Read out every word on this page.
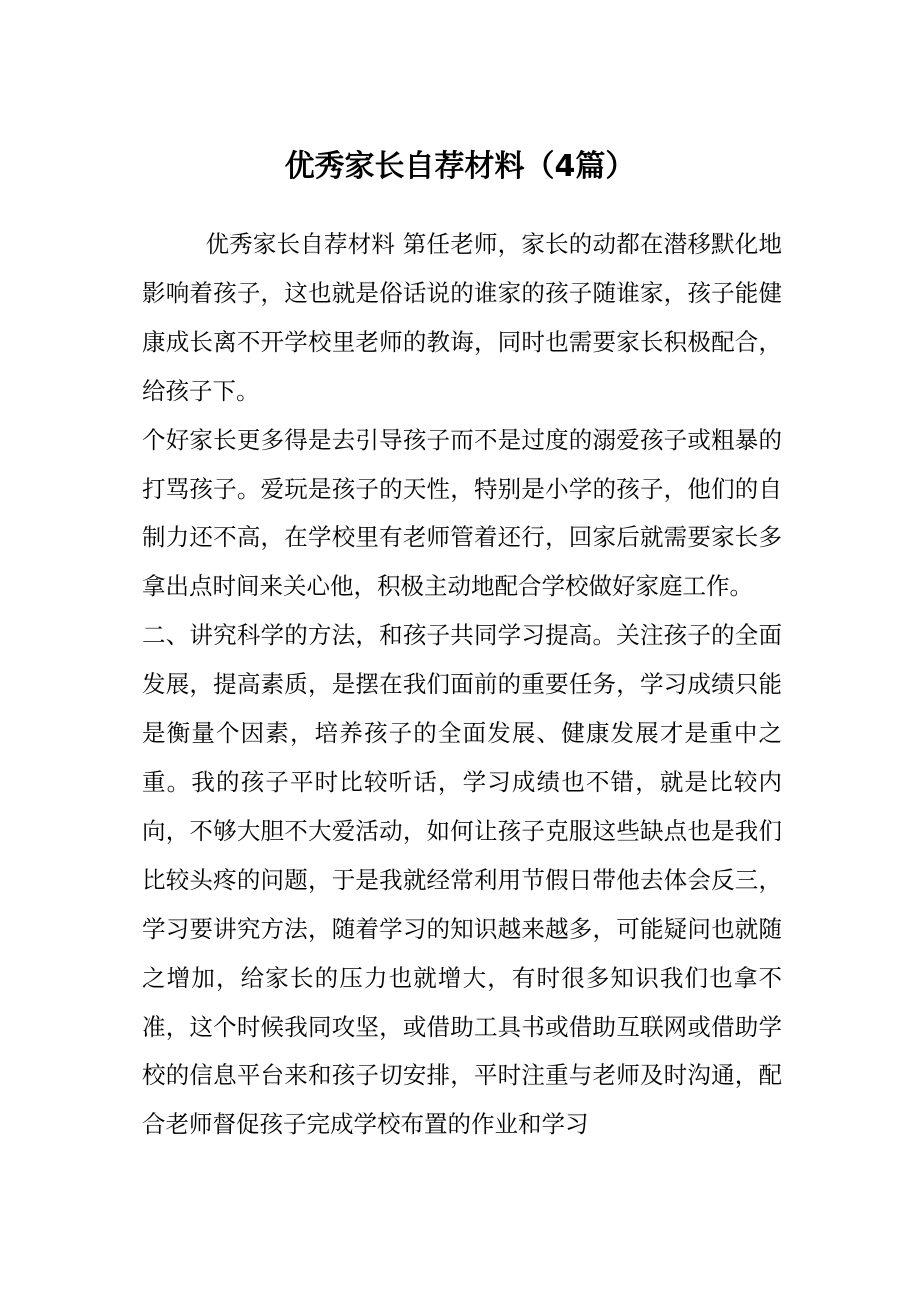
优秀家长自荐材料（4篇）

优秀家长自荐材料 第任老师，家长的动都在潜移默化地影响着孩子，这也就是俗话说的谁家的孩子随谁家，孩子能健康成长离不开学校里老师的教诲，同时也需要家长积极配合，给孩子下。

个好家长更多得是去引导孩子而不是过度的溺爱孩子或粗暴的打骂孩子。爱玩是孩子的天性，特别是小学的孩子，他们的自制力还不高，在学校里有老师管着还行，回家后就需要家长多拿出点时间来关心他，积极主动地配合学校做好家庭工作。

二、讲究科学的方法，和孩子共同学习提高。关注孩子的全面发展，提高素质，是摆在我们面前的重要任务，学习成绩只能是衡量个因素，培养孩子的全面发展、健康发展才是重中之重。我的孩子平时比较听话，学习成绩也不错，就是比较内向，不够大胆不大爱活动，如何让孩子克服这些缺点也是我们比较头疼的问题，于是我就经常利用节假日带他去体会反三，学习要讲究方法，随着学习的知识越来越多，可能疑问也就随之增加，给家长的压力也就增大，有时很多知识我们也拿不准，这个时候我同攻坚，或借助工具书或借助互联网或借助学校的信息平台来和孩子切安排，平时注重与老师及时沟通，配合老师督促孩子完成学校布置的作业和学习
